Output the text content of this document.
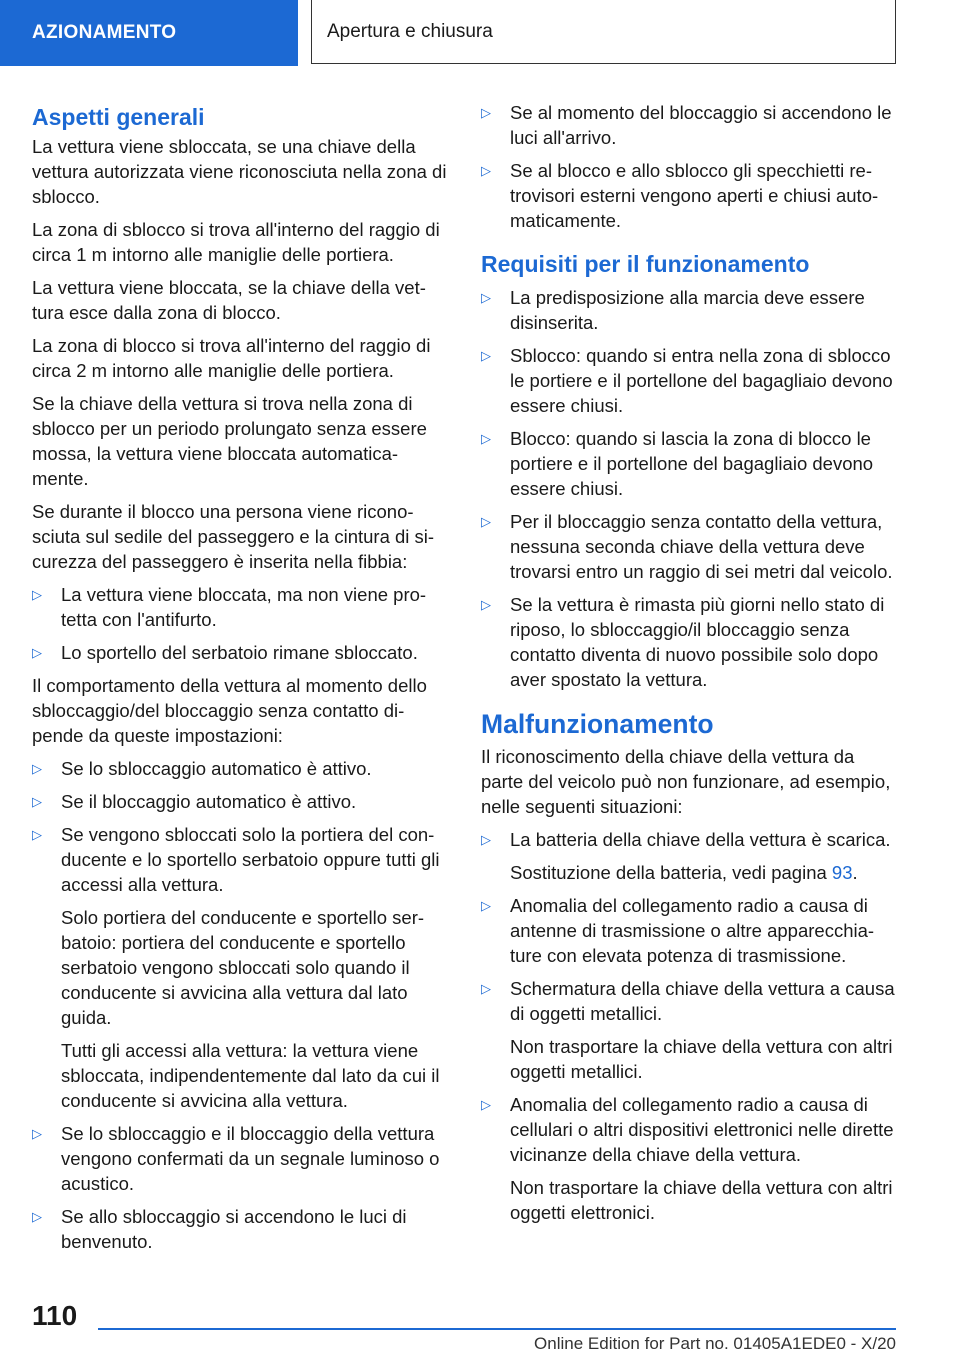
AZIONAMENTO	Apertura e chiusura
Aspetti generali

La vettura viene sbloccata, se una chiave della vettura autorizzata viene riconosciuta nella zona di sblocco.

La zona di sblocco si trova all'interno del raggio di circa 1 m intorno alle maniglie delle portiera.

La vettura viene bloccata, se la chiave della vettura esce dalla zona di blocco.

La zona di blocco si trova all'interno del raggio di circa 2 m intorno alle maniglie delle portiera.

Se la chiave della vettura si trova nella zona di sblocco per un periodo prolungato senza essere mossa, la vettura viene bloccata automaticamente.

Se durante il blocco una persona viene riconosciuta sul sedile del passeggero e la cintura di sicurezza del passeggero è inserita nella fibbia:

▷ La vettura viene bloccata, ma non viene protetta con l'antifurto.
▷ Lo sportello del serbatoio rimane sbloccato.

Il comportamento della vettura al momento dello sbloccaggio/del bloccaggio senza contatto dipende da queste impostazioni:

▷ Se lo sbloccaggio automatico è attivo.
▷ Se il bloccaggio automatico è attivo.
▷ Se vengono sbloccati solo la portiera del conducente e lo sportello serbatoio oppure tutti gli accessi alla vettura.
Solo portiera del conducente e sportello serbatoio: portiera del conducente e sportello serbatoio vengono sbloccati solo quando il conducente si avvicina alla vettura dal lato guida.
Tutti gli accessi alla vettura: la vettura viene sbloccata, indipendentemente dal lato da cui il conducente si avvicina alla vettura.
▷ Se lo sbloccaggio e il bloccaggio della vettura vengono confermati da un segnale luminoso o acustico.
▷ Se allo sbloccaggio si accendono le luci di benvenuto.
▷ Se al momento del bloccaggio si accendono le luci all'arrivo.
▷ Se al blocco e allo sblocco gli specchietti retrovisori esterni vengono aperti e chiusi automaticamente.
Requisiti per il funzionamento
▷ La predisposizione alla marcia deve essere disinserita.
▷ Sblocco: quando si entra nella zona di sblocco le portiere e il portellone del bagagliaio devono essere chiusi.
▷ Blocco: quando si lascia la zona di blocco le portiere e il portellone del bagagliaio devono essere chiusi.
▷ Per il bloccaggio senza contatto della vettura, nessuna seconda chiave della vettura deve trovarsi entro un raggio di sei metri dal veicolo.
▷ Se la vettura è rimasta più giorni nello stato di riposo, lo sbloccaggio/il bloccaggio senza contatto diventa di nuovo possibile solo dopo aver spostato la vettura.
Malfunzionamento

Il riconoscimento della chiave della vettura da parte del veicolo può non funzionare, ad esempio, nelle seguenti situazioni:

▷ La batteria della chiave della vettura è scarica.
Sostituzione della batteria, vedi pagina 93.
▷ Anomalia del collegamento radio a causa di antenne di trasmissione o altre apparecchiature con elevata potenza di trasmissione.
▷ Schermatura della chiave della vettura a causa di oggetti metallici.
Non trasportare la chiave della vettura con altri oggetti metallici.
▷ Anomalia del collegamento radio a causa di cellulari o altri dispositivi elettronici nelle dirette vicinanze della chiave della vettura.
Non trasportare la chiave della vettura con altri oggetti elettronici.
110
Online Edition for Part no. 01405A1EDE0 - X/20
